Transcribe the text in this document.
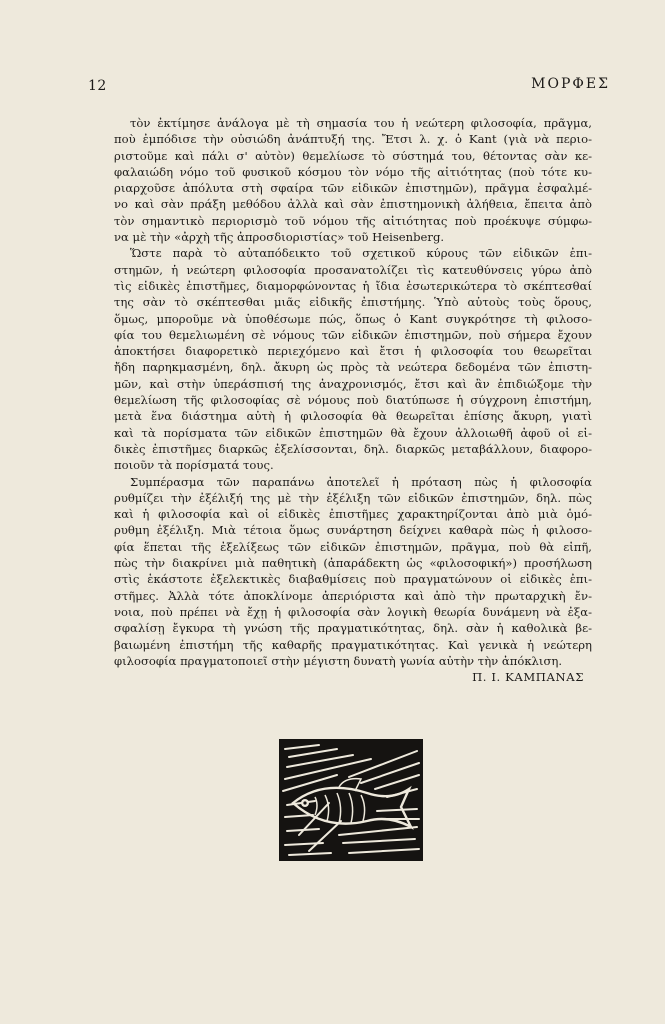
12	ΜΟΡΦΕΣ

τὸν ἐκτίμησε ἀνάλογα μὲ τὴ σημασία του ἡ νεώτερη φιλοσοφία, πρᾶγμα,
ποὺ ἐμπόδισε τὴν οὐσιώδη ἀνάπτυξή της. Ἔτσι λ. χ. ὁ Kant (γιὰ νὰ περιο-
ριστοῦμε καὶ πάλι σ' αὐτὸν) θεμελίωσε τὸ σύστημά του, θέτοντας σὰν κε-
φαλαιώδη νόμο τοῦ φυσικοῦ κόσμου τὸν νόμο τῆς αἰτιότητας (ποὺ τότε κυ-
ριαρχοῦσε ἀπόλυτα στὴ σφαίρα τῶν εἰδικῶν ἐπιστημῶν), πρᾶγμα ἐσφαλμέ-
νο καὶ σὰν πράξη μεθόδου ἀλλὰ καὶ σὰν ἐπιστημονικὴ ἀλήθεια, ἔπειτα ἀπὸ
τὸν σημαντικὸ περιορισμὸ τοῦ νόμου τῆς αἰτιότητας ποὺ προέκυψε σύμφω-
να μὲ τὴν «ἀρχὴ τῆς ἀπροσδιοριστίας» τοῦ Heisenberg.

Ὥστε παρὰ τὸ αὐταπόδεικτο τοῦ σχετικοῦ κύρους τῶν εἰδικῶν ἐπι-
στημῶν, ἡ νεώτερη φιλοσοφία προσανατολίζει τὶς κατευθύνσεις γύρω ἀπὸ
τὶς εἰδικὲς ἐπιστῆμες, διαμορφώνοντας ἡ ἴδια ἐσωτερικώτερα τὸ σκέπτεσθαί
της σὰν τὸ σκέπτεσθαι μιᾶς εἰδικῆς ἐπιστήμης. Ὑπὸ αὐτοὺς τοὺς ὅρους,
ὅμως, μποροῦμε νὰ ὑποθέσωμε πώς, ὅπως ὁ Kant συγκρότησε τὴ φιλοσο-
φία του θεμελιωμένη σὲ νόμους τῶν εἰδικῶν ἐπιστημῶν, ποὺ σήμερα ἔχουν
ἀποκτήσει διαφορετικὸ περιεχόμενο καὶ ἔτσι ἡ φιλοσοφία του θεωρεῖται
ἤδη παρηκμασμένη, δηλ. ἄκυρη ὡς πρὸς τὰ νεώτερα δεδομένα τῶν ἐπιστη-
μῶν, καὶ στὴν ὑπεράσπισή της ἀναχρονισμός, ἔτσι καὶ ἂν ἐπιδιώξομε τὴν
θεμελίωση τῆς φιλοσοφίας σὲ νόμους ποὺ διατύπωσε ἡ σύγχρονη ἐπιστήμη,
μετὰ ἕνα διάστημα αὐτὴ ἡ φιλοσοφία θὰ θεωρεῖται ἐπίσης ἄκυρη, γιατὶ
καὶ τὰ πορίσματα τῶν εἰδικῶν ἐπιστημῶν θὰ ἔχουν ἀλλοιωθῆ ἀφοῦ οἱ εἰ-
δικὲς ἐπιστῆμες διαρκῶς ἐξελίσσονται, δηλ. διαρκῶς μεταβάλλουν, διαφορο-
ποιοῦν τὰ πορίσματά τους.

Συμπέρασμα τῶν παραπάνω ἀποτελεῖ ἡ πρόταση πὼς ἡ φιλοσοφία
ρυθμίζει τὴν ἐξέλιξή της μὲ τὴν ἐξέλιξη τῶν εἰδικῶν ἐπιστημῶν, δηλ. πὼς
καὶ ἡ φιλοσοφία καὶ οἱ εἰδικὲς ἐπιστῆμες χαρακτηρίζονται ἀπὸ μιὰ ὁμό-
ρυθμη ἐξέλιξη. Μιὰ τέτοια ὅμως συνάρτηση δείχνει καθαρὰ πὼς ἡ φιλοσο-
φία ἕπεται τῆς ἐξελίξεως τῶν εἰδικῶν ἐπιστημῶν, πρᾶγμα, ποὺ θὰ εἰπῆ,
πὼς τὴν διακρίνει μιὰ παθητικὴ (ἀπαράδεκτη ὡς «φιλοσοφική») προσήλωση
στὶς ἑκάστοτε ἐξελεκτικὲς διαβαθμίσεις ποὺ πραγματώνουν οἱ εἰδικὲς ἐπι-
στῆμες. Ἀλλὰ τότε ἀποκλίνομε ἀπεριόριστα καὶ ἀπὸ τὴν πρωταρχικὴ ἔν-
νοια, ποὺ πρέπει νὰ ἔχῃ ἡ φιλοσοφία σὰν λογικὴ θεωρία δυνάμενη νὰ ἐξα-
σφαλίσῃ ἔγκυρα τὴ γνώση τῆς πραγματικότητας, δηλ. σὰν ἡ καθολικὰ βε-
βαιωμένη ἐπιστήμη τῆς καθαρῆς πραγματικότητας. Καὶ γενικὰ ἡ νεώτερη
φιλοσοφία πραγματοποιεῖ στὴν μέγιστη δυνατὴ γωνία αὐτὴν τὴν ἀπόκλιση.

Π. Ι. ΚΑΜΠΑΝΑΣ
